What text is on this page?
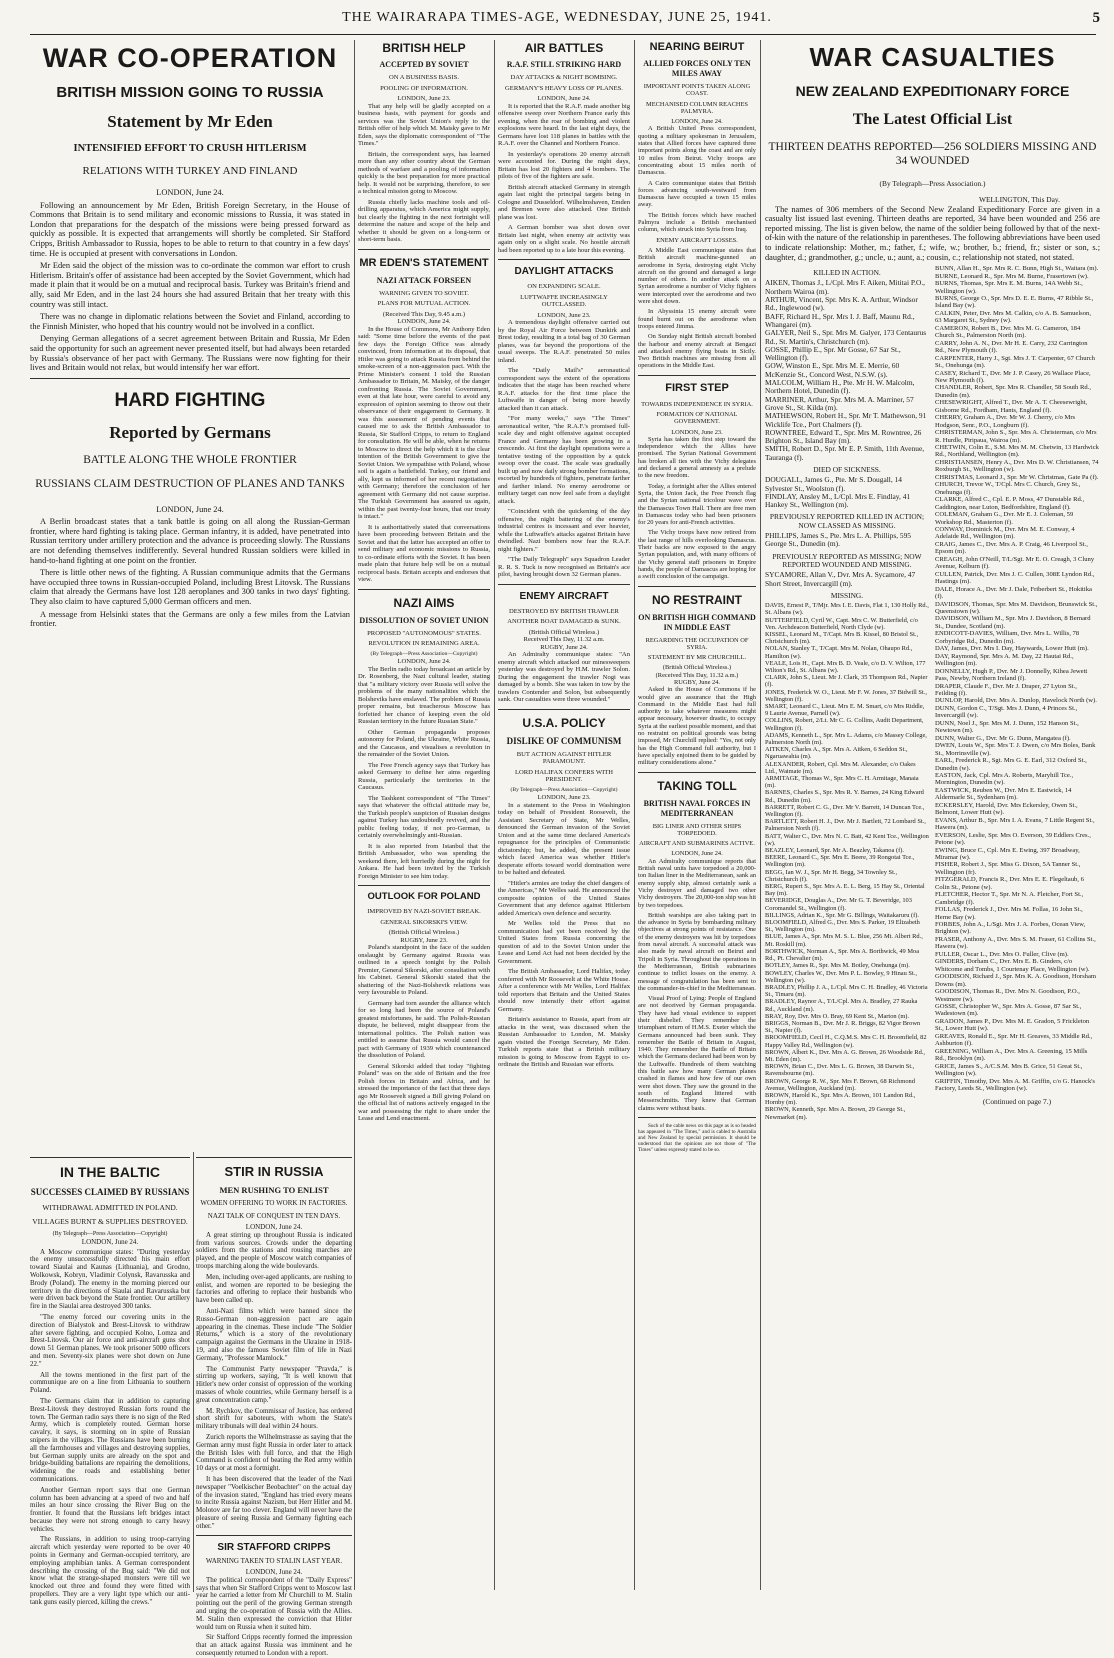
THE WAIRARAPA TIMES-AGE, WEDNESDAY, JUNE 25, 1941.	5
WAR CO-OPERATION
BRITISH MISSION GOING TO RUSSIA
Statement by Mr Eden
INTENSIFIED EFFORT TO CRUSH HITLERISM
RELATIONS WITH TURKEY AND FINLAND
LONDON, June 24.

Following an announcement by Mr Eden, British Foreign Secretary, in the House of Commons that Britain is to send military and economic missions to Russia, it was stated in London that preparations for the despatch of the missions were being pressed forward as quickly as possible. It is expected that arrangements will shortly be completed. Sir Stafford Cripps, British Ambassador to Russia, hopes to be able to return to that country in a few days' time. He is occupied at present with conversations in London.

Mr Eden said the object of the mission was to co-ordinate the common war effort to crush Hitlerism. Britain's offer of assistance had been accepted by the Soviet Government, which had made it plain that it would be on a mutual and reciprocal basis. Turkey was Britain's friend and ally, said Mr Eden, and in the last 24 hours she had assured Britain that her treaty with this country was still intact.

There was no change in diplomatic relations between the Soviet and Finland, according to the Finnish Minister, who hoped that his country would not be involved in a conflict.

Denying German allegations of a secret agreement between Britain and Russia, Mr Eden said the opportunity for such an agreement never presented itself, but had always been retarded by Russia's observance of her pact with Germany. The Russians were now fighting for their lives and Britain would not relax, but would intensify her war effort.

HARD FIGHTING
Reported by Germans
BATTLE ALONG THE WHOLE FRONTIER
RUSSIANS CLAIM DESTRUCTION OF PLANES AND TANKS
LONDON, June 24.

A Berlin broadcast states that a tank battle is going on all along the Russian-German frontier, where hard fighting is taking place. German infantry, it is added, have penetrated into Russian territory under artillery protection and the advance is proceeding slowly. The Russians are not defending themselves indifferently. Several hundred Russian soldiers were killed in hand-to-hand fighting at one point on the frontier.

There is little other news of the fighting. A Russian communique admits that the Germans have occupied three towns in Russian-occupied Poland, including Brest Litovsk. The Russians claim that already the Germans have lost 128 aeroplanes and 300 tanks in two days' fighting. They also claim to have captured 5,000 German officers and men.

A message from Helsinki states that the Germans are only a few miles from the Latvian frontier.

IN THE BALTIC
SUCCESSES CLAIMED BY RUSSIANS
WITHDRAWAL ADMITTED IN POLAND.
VILLAGES BURNT & SUPPLIES DESTROYED.
(By Telegraph—Press Association—Copyright)
LONDON, June 24.

A Moscow communique states: "During yesterday the enemy unsuccessfully directed his main effort toward Siaulai and Kaunas (Lithuania), and Grodno, Wolkowsk, Kobryn, Vladimir Colynsk, Ravarusska and Brody (Poland). The enemy in the morning pierced our territory in the directions of Siaulai and Ravarusska but were driven back beyond the State frontier. Our artillery fire in the Siaulai area destroyed 300 tanks.

"The enemy forced our covering units in the direction of Bialystok and Brest-Litovsk to withdraw after severe fighting, and occupied Kolno, Lomza and Brest-Litovsk. Our air force and anti-aircraft guns shot down 51 German planes. We took prisoner 5000 officers and men. Seventy-six planes were shot down on June 22."

All the towns mentioned in the first part of the communique are on a line from Lithuania to southern Poland.

The Germans claim that in addition to capturing Brest-Litovsk they destroyed Russian forts round the town. The German radio says there is no sign of the Red Army, which is completely routed. German horse cavalry, it says, is storming on in spite of Russian snipers in the villages. The Russians have been burning all the farmhouses and villages and destroying supplies, but German supply units are already on the spot and bridge-building battalions are repairing the demolitions, widening the roads and establishing better communications.

Another German report says that one German column has been advancing at a speed of two and half miles an hour since crossing the River Bug on the frontier. It found that the Russians left bridges intact because they were not strong enough to carry heavy vehicles.

The Russians, in addition to using troop-carrying aircraft which yesterday were reported to be over 40 points in Germany and German-occupied territory, are employing amphibian tanks. A German correspondent describing the crossing of the Bug said: "We did not know what the strange-shaped monsters were till we knocked out three and found they were fitted with propellers. They are a very light type which our anti-tank guns easily pierced, killing the crews."

STIR IN RUSSIA
MEN RUSHING TO ENLIST
WOMEN OFFERING TO WORK IN FACTORIES.
NAZI TALK OF CONQUEST IN TEN DAYS.
LONDON, June 24.

A great stirring up throughout Russia is indicated from various sources. Crowds under the departing soldiers from the stations and rousing marches are played, and the people of Moscow watch companies of troops marching along the wide boulevards.

Men, including over-aged applicants, are rushing to enlist, and women are reported to be besieging the factories and offering to replace their husbands who have been called up.

Anti-Nazi films which were banned since the Russo-German non-aggression pact are again appearing in the cinemas. These include "The Soldier Returns," which is a story of the revolutionary campaign against the Germans in the Ukraine in 1918-19, and also the famous Soviet film of life in Nazi Germany, "Professor Mamlock."

The Communist Party newspaper "Pravda," is stirring up workers, saying, "It is well known that Hitler's new order consist of oppression of the working masses of whole countries, while Germany herself is a great concentration camp."

M. Rychkov, the Commissar of Justice, has ordered short shrift for saboteurs, with whom the State's military tribunals will deal within 24 hours.

Zurich reports the Wilhelmstrasse as saying that the German army must fight Russia in order later to attack the British Isles with full force, and that the High Command is confident of beating the Red army within 10 days or at most a fortnight.

It has been discovered that the leader of the Nazi newspaper "Voelkischer Beobachter" on the actual day of the invasion stated, "England has tried every means to incite Russia against Nazism, but Herr Hitler and M. Molotov are far too clever. England will never have the pleasure of seeing Russia and Germany fighting each other."

SIR STAFFORD CRIPPS
WARNING TAKEN TO STALIN LAST YEAR.
LONDON, June 24.

The political correspondent of the "Daily Express" says that when Sir Stafford Cripps went to Moscow last year he carried a letter from Mr Churchill to M. Stalin pointing out the peril of the growing German strength and urging the co-operation of Russia with the Allies. M. Stalin then expressed the conviction that Hitler would turn on Russia when it suited him.

Sir Stafford Cripps recently formed the impression that an attack against Russia was imminent and he consequently returned to London with a report.

BRITISH HELP
ACCEPTED BY SOVIET
ON A BUSINESS BASIS.
POOLING OF INFORMATION.
LONDON, June 23.

That any help will be gladly accepted on a business basis, with payment for goods and services was the Soviet Union's reply to the British offer of help which M. Maisky gave to Mr Eden, says the diplomatic correspondent of "The Times."

Britain, the correspondent says, has learned more than any other country about the German methods of warfare and a pooling of information quickly is the best preparation for more practical help. It would not be surprising, therefore, to see a technical mission going to Moscow.

Russia chiefly lacks machine tools and oil-drilling apparatus, which America might supply, but clearly the fighting in the next fortnight will determine the nature and scope of the help and whether it should be given on a long-term or short-term basis.

MR EDEN'S STATEMENT
NAZI ATTACK FORSEEN
WARNING GIVEN TO SOVIET.
PLANS FOR MUTUAL ACTION.
(Received This Day, 9.45 a.m.)
LONDON, June 24.

In the House of Commons, Mr Anthony Eden said: "Some time before the events of the past few days the Foreign Office was already convinced, from information at its disposal, that Hitler was going to attack Russia from behind the smoke-screen of a non-aggression pact. With the Prime Minister's consent I told the Russian Ambassador to Britain, M. Maisky, of the danger confronting Russia. The Soviet Government, even at that late hour, were careful to avoid any expression of opinion seeming to throw out their observance of their engagement to Germany. It was this assessment of pending events that caused me to ask the British Ambassador to Russia, Sir Stafford Cripps, to return to England for consultation. He will be able, when he returns to Moscow to direct the help which it is the clear intention of the British Government to give the Soviet Union. We sympathise with Poland, whose soil is again a battlefield. Turkey, our friend and ally, kept us informed of her recent negotiations with Germany; therefore the conclusion of her agreement with Germany did not cause surprise. The Turkish Government has assured us again, within the past twenty-four hours, that our treaty is intact."

It is authoritatively stated that conversations have been proceeding between Britain and the Soviet and that the latter has accepted an offer to send military and economic missions to Russia, to co-ordinate efforts with the Soviet. It has been made plain that future help will be on a mutual reciprocal basis. Britain accepts and endorses that view.

NAZI AIMS
DISSOLUTION OF SOVIET UNION
PROPOSED "AUTONOMOUS" STATES.
REVOLUTION IN REMAINING AREA.
(By Telegraph—Press Association—Copyright)
LONDON, June 24.

The Berlin radio today broadcast an article by Dr. Rosenberg, the Nazi cultural leader, stating that "a military victory over Russia will solve the problems of the many nationalities which the Bolsheviks have enslaved. The problem of Russia proper remains, but treacherous Moscow has forfeited her chance of keeping even the old Russian territory in the future Russian State."

Other German propaganda proposes autonomy for Poland, the Ukraine, White Russia, and the Caucasus, and visualises a revolution in the remainder of the Soviet Union.

The Free French agency says that Turkey has asked Germany to define her aims regarding Russia, particularly the territories in the Caucasus.

The Tashkent correspondent of "The Times" says that whatever the official attitude may be, the Turkish people's suspicion of Russian designs against Turkey has undoubtedly revived, and the public feeling today, if not pro-German, is certainly overwhelmingly anti-Russian.

It is also reported from Istanbul that the British Ambassador, who was spending the weekend there, left hurriedly during the night for Ankara. He had been invited by the Turkish Foreign Minister to see him today.

OUTLOOK FOR POLAND
IMPROVED BY NAZI-SOVIET BREAK.
GENERAL SIKORSKI'S VIEW.
(British Official Wireless.)
RUGBY, June 23.

Poland's standpoint in the face of the sudden onslaught by Germany against Russia was outlined in a speech tonight by the Polish Premier, General Sikorski, after consultation with his Cabinet. General Sikorski stated that the shattering of the Nazi-Bolshevik relations was very favourable to Poland.

Germany had torn asunder the alliance which for so long had been the source of Poland's greatest misfortunes, he said. The Polish-Russian dispute, he believed, might disappear from the international politics. The Polish nation was entitled to assume that Russia would cancel the pact with Germany of 1939 which countenanced the dissolution of Poland.

General Sikorski added that today "fighting Poland" was on the side of Britain and the free Polish forces in Britain and Africa, and he stressed the importance of the fact that three days ago Mr Roosevelt signed a Bill giving Poland on the official list of nations actively engaged in the war and possessing the right to share under the Lease and Lend enactment.

AIR BATTLES
R.A.F. STILL STRIKING HARD
DAY ATTACKS & NIGHT BOMBING.
GERMANY'S HEAVY LOSS OF PLANES.
LONDON, June 24.

It is reported that the R.A.F. made another big offensive sweep over Northern France early this evening, when the roar of bombing and violent explosions were heard. In the last eight days, the Germans have lost 118 planes in battles with the R.A.F. over the Channel and Northern France.

In yesterday's operations 20 enemy aircraft were accounted for. During the night days, Britain has lost 20 fighters and 4 bombers. The pilots of five of the fighters are safe.

British aircraft attacked Germany in strength again last night the principal targets being in Cologne and Dusseldorf. Wilhelmshaven, Emden and Bremen were also attacked. One British plane was lost.

A German bomber was shot down over Britain last night, when enemy air activity was again only on a slight scale. No hostile aircraft had been reported up to a late hour this evening.

DAYLIGHT ATTACKS
ON EXPANDING SCALE.
LUFTWAFFE INCREASINGLY OUTCLASSED.
LONDON, June 23.

A tremendous daylight offensive carried out by the Royal Air Force between Dunkirk and Brest today, resulting in a total bag of 30 German planes, was far beyond the proportions of the usual sweeps. The R.A.F. penetrated 50 miles inland.

The "Daily Mail's" aeronautical correspondent says the extent of the operations indicates that the stage has been reached where R.A.F. attacks for the first time place the Luftwaffe in danger of being more heavily attacked than it can attack.

"For many weeks," says "The Times" aeronautical writer, "the R.A.F.'s promised full-scale day and night offensive against occupied France and Germany has been growing in a crescendo. At first the daylight operations were a tentative testing of the opposition by a quick swoop over the coast. The scale was gradually built up and now daily strong bomber formations, escorted by hundreds of fighters, penetrate farther and farther inland. No enemy aerodrome or military target can now feel safe from a daylight attack.

"Coincident with the quickening of the day offensive, the night battering of the enemy's industrial centres is incessant and ever heavier, while the Luftwaffe's attacks against Britain have dwindled. Nazi bombers now fear the R.A.F. night fighters."

"The Daily Telegraph" says Squadron Leader R. R. S. Tuck is now recognised as Britain's ace pilot, having brought down 32 German planes.

ENEMY AIRCRAFT
DESTROYED BY BRITISH TRAWLER
ANOTHER BOAT DAMAGED & SUNK.
(British Official Wireless.)
Received This Day, 11.32 a.m.
RUGBY, June 24.

An Admiralty communique states: "An enemy aircraft which attacked our minesweepers yesterday was destroyed by H.M. trawler Solon. During the engagement the trawler Nogi was damaged by a bomb. She was taken in tow by the trawlers Contender and Solon, but subsequently sank. Our casualties were three wounded."

U.S.A. POLICY
DISLIKE OF COMMUNISM
BUT ACTION AGAINST HITLER PARAMOUNT.
LORD HALIFAX CONFERS WITH PRESIDENT.
(By Telegraph—Press Association—Copyright)
LONDON, June 23.

In a statement to the Press in Washington today on behalf of President Roosevelt, the Assistant Secretary of State, Mr Welles, denounced the German invasion of the Soviet Union and at the same time declared America's repugnance for the principles of Communistic dictatorship; but, he added, the present issue which faced America was whether Hitler's desperate efforts toward world domination were to be halted and defeated.

"Hitler's armies are today the chief dangers of the Americas," Mr Welles said. He announced the composite opinion of the United States Government that any defence against Hitlerism added America's own defence and security.

Mr Welles told the Press that no communication had yet been received by the United States from Russia concerning the question of aid to the Soviet Union under the Lease and Lend Act had not been decided by the Government.

The British Ambassador, Lord Halifax, today conferred with Mr Roosevelt at the White House. After a conference with Mr Welles, Lord Halifax told reporters that Britain and the United States should now intensify their effort against Germany.

Britain's assistance to Russia, apart from air attacks in the west, was discussed when the Russian Ambassador to London, M. Maisky again visited the Foreign Secretary, Mr Eden. Turkish reports state that a British military mission is going to Moscow from Egypt to co-ordinate the British and Russian war efforts.

NEARING BEIRUT
ALLIED FORCES ONLY TEN MILES AWAY
IMPORTANT POINTS TAKEN ALONG COAST.
MECHANISED COLUMN REACHES PALMYRA.
LONDON, June 24.

A British United Press correspondent, quoting a military spokesman in Jerusalem, states that Allied forces have captured three important points along the coast and are only 10 miles from Beirut. Vichy troops are concentrating about 15 miles north of Damascus.

A Cairo communique states that British forces advancing south-westward from Damascus have occupied a town 15 miles away.

The British forces which have reached Palmyra include a British mechanised column, which struck into Syria from Iraq.

ENEMY AIRCRAFT LOSSES.

A Middle East communique states that British aircraft machine-gunned an aerodrome in Syria, destroying eight Vichy aircraft on the ground and damaged a large number of others. In another attack on a Syrian aerodrome a number of Vichy fighters were intercepted over the aerodrome and two were shot down.

In Abyssinia 15 enemy aircraft were found burnt out on the aerodrome when troops entered Jimma.

On Sunday night British aircraft bombed the harbour and enemy aircraft at Bengazi and attacked enemy flying boats in Sicily. Two British machines are missing from all operations in the Middle East.

FIRST STEP
TOWARDS INDEPENDENCE IN SYRIA.
FORMATION OF NATIONAL GOVERNMENT.
LONDON, June 23.

Syria has taken the first step toward the independence which the Allies have promised. The Syrian National Government has broken all ties with the Vichy delegates and declared a general amnesty as a prelude to the new freedom.

Today, a fortnight after the Allies entered Syria, the Union Jack, the Free French flag and the Syrian national tricolour wave over the Damascus Town Hall. There are free men in Damascus today who had been prisoners for 20 years for anti-French activities.

The Vichy troops have now retired from the last range of hills overlooking Damascus. Their backs are now exposed to the angry Syrian population, and, with many officers of the Vichy general staff prisoners in Empire hands, the people of Damascus are hoping for a swift conclusion of the campaign.

NO RESTRAINT
ON BRITISH HIGH COMMAND IN MIDDLE EAST
REGARDING THE OCCUPATION OF SYRIA.
STATEMENT BY MR CHURCHILL.
(British Official Wireless.)
(Received This Day, 11.32 a.m.)
RUGBY, June 24.

Asked in the House of Commons if he would give an assurance that the High Command in the Middle East had full authority to take whatever measures might appear necessary, however drastic, to occupy Syria at the earliest possible moment, and that no restraint on political grounds was being imposed, Mr Churchill replied: "Yes, not only has the High Command full authority, but I have specially enjoined them to be guided by military considerations alone."

TAKING TOLL
BRITISH NAVAL FORCES IN MEDITERRANEAN
BIG LINER AND OTHER SHIPS TORPEDOED.
AIRCRAFT AND SUBMARINES ACTIVE.
LONDON, June 24.

An Admiralty communique reports that British naval units have torpedoed a 20,000-ton Italian liner in the Mediterranean, sank an enemy supply ship, almost certainly sank a Vichy destroyer and damaged two other Vichy destroyers. The 20,000-ton ship was hit by two torpedoes.

British warships are also taking part in the advance in Syria by bombarding military objectives at strong points of resistance. One of the enemy destroyers was hit by torpedoes from naval aircraft. A successful attack was also made by naval aircraft on Beirut and Tripoli in Syria. Throughout the operations in the Mediterranean, British submarines continue to inflict losses on the enemy. A message of congratulation has been sent to the commander-in-chief in the Mediterranean.

Visual Proof of Lying: People of England are not deceived by German propaganda. They have had visual evidence to support their disbelief. They remember the triumphant return of H.M.S. Exeter which the Germans announced had been sunk. They remember the Battle of Britain in August, 1940. They remember the Battle of Britain which the Germans declared had been won by the Luftwaffe. Hundreds of them watching this battle saw how many German planes crashed in flames and how few of our own were shot down. They saw the ground in the south of England littered with Messerschmitts. They knew that German claims were without basis.

Such of the cable news on this page as is so headed has appeared in "The Times," and is cabled to Australia and New Zealand by special permission. It should be understood that the opinions are not those of "The Times" unless expressly stated to be so.

WAR CASUALTIES
NEW ZEALAND EXPEDITIONARY FORCE
The Latest Official List
THIRTEEN DEATHS REPORTED—256 SOLDIERS MISSING AND 34 WOUNDED
(By Telegraph—Press Association.)
WELLINGTON, This Day.

The names of 306 members of the Second New Zealand Expeditionary Force are given in a casualty list issued last evening. Thirteen deaths are reported, 34 have been wounded and 256 are reported missing. The list is given below, the name of the soldier being followed by that of the next-of-kin with the nature of the relationship in parentheses. The following abbreviations have been used to indicate relationship: Mother, m.; father, f.; wife, w.; brother, b.; friend, fr.; sister or son, s.; daughter, d.; grandmother, g.; uncle, u.; aunt, a.; cousin, c.; relationship not stated, not stated.

KILLED IN ACTION.
AIKEN, Thomas J., L/Cpl. Mrs F. Aiken, Mititai P.O., Northern Wairoa (m).
ARTHUR, Vincent, Spr. Mrs K. A. Arthur, Windsor Rd., Inglewood (w).
BAFF, Richard H., Spr. Mrs I. J. Baff, Maunu Rd., Whangarei (m).
GALYER, Neil S., Spr. Mrs M. Galyer, 173 Centaurus Rd., St. Martin's, Christchurch (m).
GOSSE, Phillip E., Spr. Mr Gosse, 67 Sar St., Wellington (f).
GOW, Winston E., Spr. Mrs M. E. Merrie, 60 McKenzie St., Concord West, N.S.W. (s).
MALCOLM, William H., Pte. Mr H. W. Malcolm, Northern Hotel, Dunedin (f).
MARRINER, Arthur, Spr. Mrs M. A. Marriner, 57 Grove St., St. Kilda (m).
MATHEWSON, Robert H., Spr. Mr T. Mathewson, 91 Wicklife Tce., Port Chalmers (f).
ROWNTREE, Edward T., Spr. Mrs M. Rowntree, 26 Brighton St., Island Bay (m).
SMITH, Robert D., Spr. Mr E. P. Smith, 11th Avenue, Tauranga (f).
DIED OF SICKNESS.
DOUGALL, James G., Pte. Mr S. Dougall, 14 Sylvester St., Woolston (f).
FINDLAY, Ansley M., L/Cpl. Mrs E. Findlay, 41 Hankey St., Wellington (m).
PREVIOUSLY REPORTED KILLED IN ACTION; NOW CLASSED AS MISSING.
PHILLIPS, James S., Pte. Mrs L. A. Phillips, 595 George St., Dunedin (m).
PREVIOUSLY REPORTED AS MISSING; NOW REPORTED WOUNDED AND MISSING.
SYCAMORE, Allan V., Dvr. Mrs A. Sycamore, 47 Short Street, Invercargill (m).
MISSING.
DAVIS, Ernest P., T/Mjr. Mrs I. E. Davis, Flat 1, 130 Holly Rd., St. Albans (w).
BUTTERFIELD, Cyril W., Capt. Mrs C. W. Butterfield, c/o Ven. Archdeacon Butterfield, North Clyde (w).
KISSEL, Leonard M., T/Capt. Mrs B. Kissel, 80 Bristol St., Christchurch (m).
NOLAN, Stanley T., T/Capt. Mrs M. Nolan, Ohaupo Rd., Hamilton (w).
VEALE, Lois H., Capt. Mrs B. D. Veale, c/o D. V. Wilton, 177 Wilton's Rd., St. Albans (w).
CLARK, John S., Lieut. Mr J. Clark, 35 Thompson Rd., Napier (f).
JONES, Frederick W. O., Lieut. Mr F. W. Jones, 37 Bidwill St., Wellington (f).
SMART, Leonard C., Lieut. Mrs E. M. Smart, c/o Mrs Riddle, 9 Laurie Avenue, Parnell (w).
COLLINS, Robert, 2/Lt. Mr C. G. Collins, Audit Department, Wellington (f).
ADAMS, Kenneth L., Spr. Mrs L. Adams, c/o Massey College, Palmerston North (m).
AITKEN, Charles A., Spr. Mrs A. Aitken, 6 Seddon St., Ngaruawahia (m).
ALEXANDER, Robert, Cpl. Mrs M. Alexander, c/o Oakes Ltd., Waimate (m).
ARMITAGE, Thomas W., Spr. Mrs C. H. Armitage, Manaia (m).
BARNES, Charles S., Spr. Mrs R. Y. Barnes, 24 King Edward Rd., Dunedin (m).
BARRETT, Robert C. G., Dvr. Mr V. Barrett, 14 Duncan Tce., Wellington (f).
BARTLETT, Robert H. J., Dvr. Mr J. Bartlett, 72 Lombard St., Palmerston North (f).
BATT, Walter C., Dvr. Mrs N. C. Batt, 42 Kent Tce., Wellington (w).
BEAZLEY, Leonard, Spr. Mr A. Beazley, Takanoa (f).
BEERE, Leonard C., Spr. Mrs E. Beere, 39 Rongotai Tce., Wellington (m).
BEGG, Ian W. J., Spr. Mr H. Begg, 34 Townley St., Christchurch (f).
BERG, Rupert S., Spr. Mrs A. E. L. Berg, 15 Hay St., Oriental Bay (m).
BEVERIDGE, Douglas A., Dvr. Mr G. T. Beveridge, 103 Coromandel St., Wellington (f).
BILLINGS, Adrian K., Spr. Mr G. Billings, Waitakaruru (f).
BLOOMFIELD, Alfred G., Dvr. Mrs S. Parker, 19 Elizabeth St., Wellington (m).
BLUE, James A., Spr. Mrs M. S. L. Blue, 256 Mt. Albert Rd., Mt. Roskill (m).
BORTHWICK, Norman A., Spr. Mrs A. Borthwick, 49 Moa Rd., Pt. Chevalier (m).
BOTLEY, James R., Spr. Mrs M. Botley, Onehunga (m).
BOWLEY, Charles W., Dvr. Mrs P. L. Bowley, 9 Hinau St., Wellington (w).
BRADLEY, Phillip J. A., L/Cpl. Mrs C. H. Bradley, 46 Victoria St., Timaru (m).
BRADLEY, Raynor A., T/L/Cpl. Mrs A. Bradley, 27 Rauka Rd., Auckland (m).
BRAY, Roy, Dvr. Mrs O. Bray, 69 Kent St., Marton (m).
BRIGGS, Norman B., Dvr. Mr J. R. Briggs, 82 Vigor Brown St., Napier (f).
BROOMFIELD, Cecil H., C.Q.M.S. Mrs C. H. Broomfield, 82 Happy Valley Rd., Wellington (w).
BROWN, Albert K., Dvr. Mrs A. G. Brown, 26 Woodside Rd., Mt. Eden (m).
BROWN, Brian C., Dvr. Mrs L. G. Brown, 38 Darwin St., Ravensbourne (m).
BROWN, George R. W., Spr. Mrs F. Brown, 68 Richmond Avenue, Wellington, Auckland (m).
BROWN, Harold K., Spr. Mrs A. Brown, 101 Landon Rd., Hornby (m).
BROWN, Kenneth, Spr. Mrs A. Brown, 29 George St., Newmarket (m).
BUNN, Allan H., Spr. Mrs R. C. Bunn, High St., Waitara (m).
BURNE, Leonard R., Spr. Mrs M. Burne, Frasertown (w).
BURNS, Thomas, Spr. Mrs E. M. Burns, 14A Webb St., Wellington (w).
BURNS, George O., Spr. Mrs D. E. E. Burns, 47 Ribble St., Island Bay (w).
CALKIN, Peter, Dvr. Mrs M. Calkin, c/o A. B. Samuelson, 63 Margaret St., Sydney (w).
CAMERON, Robert B., Dvr. Mrs M. G. Cameron, 184 Church St., Palmerston North (m).
CARRY, John A. N., Dvr. Mr H. E. Carry, 232 Carrington Rd., New Plymouth (f).
CARPENTER, Harry J., Sgt. Mrs J. T. Carpenter, 67 Church St., Onehunga (m).
CASEY, Richard T., Dvr. Mr J. P. Casey, 26 Wallace Place, New Plymouth (f).
CHANDLER, Robert, Spr. Mrs R. Chandler, 58 South Rd., Dunedin (m).
CHESEWRIGHT, Alfred T., Dvr. Mr A. T. Cheesewright, Gisborne Rd., Fordham, Hants, England (f).
CHERRY, Graham A., Dvr. Mr W. J. Cherry, c/o Mrs Hodgson, Senr., P.O., Longburn (f).
CHRISTERMAN, John S., Spr. Mrs A. Christerman, c/o Mrs R. Hurdle, Piripaua, Wairoa (m).
CHETWIN, Colin E., S.M. Mrs M. M. Chetwin, 13 Hardwick Rd., Northland, Wellington (m).
CHRISTIANSEN, Henry A., Dvr. Mrs D. W. Christiansen, 74 Roxburgh St., Wellington (w).
CHRISTMAS, Leonard J., Spr. Mr W. Christmas, Gate Pa (f).
CHURCH, Trevor W., T/Cpl. Mrs C. Church, Grey St., Onehunga (f).
CLARKE, Alfred C., Cpl. E. P. Moss, 47 Dunstable Rd., Caddington, near Luton, Bedfordshire, England (f).
COLEMAN, Graham G., Dvr. Mr E. J. Coleman, 59 Workshop Rd., Masterton (f).
CONWAY, Dominick M., Dvr. Mrs M. E. Conway, 4 Adelaide Rd., Wellington (m).
CRAIG, James C., Dvr. Mrs A. P. Craig, 46 Liverpool St., Epsom (m).
CREAGH, John O'Neill, T/L/Sgt. Mr E. O. Creagh, 3 Cluny Avenue, Kelburn (f).
CULLEN, Patrick, Dvr. Mrs J. C. Cullen, 308E Lyndon Rd., Hastings (m).
DALE, Horace A., Dvr. Mr J. Dale, Friberbert St., Hokitika (f).
DAVIDSON, Thomas, Spr. Mrs M. Davidson, Brunswick St., Queenstown (w).
DAVIDSON, William M., Spr. Mrs J. Davidson, 8 Bernard St., Dundee, Scotland (m).
ENDICOTT-DAVIES, William, Dvr. Mrs L. Willis, 78 Corbyridge Rd., Dunedin (m).
DAY, James, Dvr. Mrs I. Day, Haywards, Lower Hutt (m).
DAY, Raymond, Spr. Mrs A. M. Day, 22 Hautai Rd., Wellington (m).
DONNELLY, Hugh P., Dvr. Mr J. Donnelly, Kihea Jewett Pass, Newby, Northern Ireland (f).
DRAPER, Claude F., Dvr. Mr J. Draper, 27 Lyton St., Feilding (f).
DUNLOP, Harold, Dvr. Mrs A. Dunlop, Havelock North (w).
DUNN, Gordon C., T/Sgt. Mrs J. Dunn, 4 Princes St., Invercargill (w).
DUNN, Noel J., Spr. Mrs M. J. Dunn, 152 Hanson St., Newtown (m).
DUNN, Walter G., Dvr. Mr G. Dunn, Mangatea (f).
DWEN, Louis W., Spr. Mrs T. J. Dwen, c/o Mrs Boles, Bank St., Morrinsville (w).
EARL, Frederick R., Sgt. Mrs G. E. Earl, 312 Oxford St., Dunedin (w).
EASTON, Jack, Cpl. Mrs A. Roberts, Maryhill Tce., Mornington, Dunedin (w).
EASTWICK, Reuben W., Dvr. Mrs E. Eastwick, 14 Aldermarle St., Sydenham (m).
ECKERSLEY, Harold, Dvr. Mrs Eckersley, Owen St., Belmont, Lower Hutt (w).
EVANS, Arthur B., Spr. Mrs I. A. Evans, 7 Little Regent St., Hawera (m).
EVERSON, Leslie, Spr. Mrs O. Everson, 39 Eddlers Cres., Petone (w).
EWING, Bruce C., Cpl. Mrs E. Ewing, 397 Broadway, Miramar (w).
FISHER, Robert J., Spr. Miss G. Dixon, 5A Tanner St., Wellington (fr).
FITZGERALD, Francis R., Dvr. Mrs E. E. Flegeltaub, 6 Colin St., Petone (w).
FLETCHER, Hector T., Spr. Mr N. A. Fletcher, Fort St., Cambridge (f).
FOLLAS, Frederick J., Dvr. Mrs M. Follas, 16 John St., Herne Bay (w).
FORBES, John A., L/Sgt. Mrs J. A. Forbes, Ocean View, Brighton (w).
FRASER, Anthony A., Dvr. Mrs S. M. Fraser, 61 Collins St., Hawera (w).
FULLER, Oscar L., Dvr. Mrs O. Fuller, Clive (m).
GINDERS, Dorham C., Dvr. Mrs E. B. Ginders, c/o Whitcome and Tombs, 1 Courtenay Place, Wellington (w).
GOODISON, Richard J., Spr. Mrs K. A. Goodison, Horsham Downs (m).
GOODISON, Thomas R., Dvr. Mrs N. Goodison, P.O., Westmere (w).
GOSSE, Christopher W., Spr. Mrs A. Gosse, 87 Sar St., Wadestown (m).
GRADON, James P., Dvr. Mrs M. E. Gradon, 5 Frickleton St., Lower Hutt (w).
GREAVES, Ronald E., Spr. Mr H. Greaves, 33 Middle Rd., Ashburton (f).
GREENING, William A., Dvr. Mrs A. Greening, 15 Mills Rd., Brooklyn (m).
GRICE, James S., A/C.S.M. Mrs B. Grice, 51 Great St., Wellington (w).
GRIFFIN, Timothy, Dvr. Mrs A. M. Griffin, c/o G. Hanock's Factory, Leeds St., Wellington (w).
(Continued on page 7.)
